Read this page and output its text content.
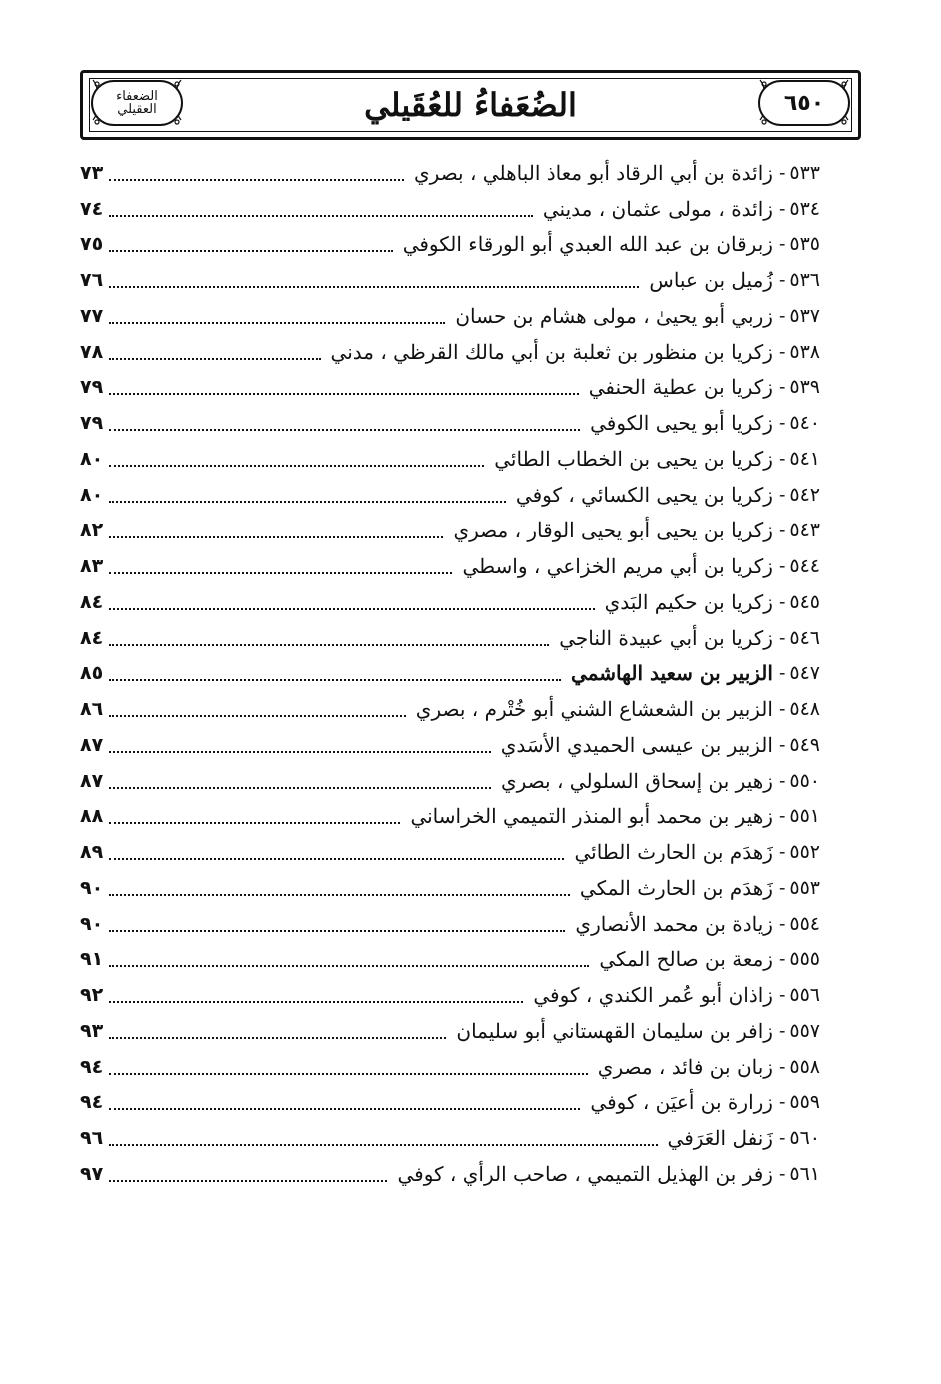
٦٥٠
الضُعَفاءُ للعُقَيلي
الضعفاء
العقيلي
٥٣٣
-
زائدة بن أبي الرقاد أبو معاذ الباهلي ، بصري
٧٣
٥٣٤
-
زائدة ، مولى عثمان ، مديني
٧٤
٥٣٥
-
زبرقان بن عبد الله العبدي أبو الورقاء الكوفي
٧٥
٥٣٦
-
زُميل بن عباس
٧٦
٥٣٧
-
زربي أبو يحيىٰ ، مولى هشام بن حسان
٧٧
٥٣٨
-
زكريا بن منظور بن ثعلبة بن أبي مالك القرظي ، مدني
٧٨
٥٣٩
-
زكريا بن عطية الحنفي
٧٩
٥٤٠
-
زكريا أبو يحيى الكوفي
٧٩
٥٤١
-
زكريا بن يحيى بن الخطاب الطائي
٨٠
٥٤٢
-
زكريا بن يحيى الكسائي ، كوفي
٨٠
٥٤٣
-
زكريا بن يحيى أبو يحيى الوقار ، مصري
٨٢
٥٤٤
-
زكريا بن أبي مريم الخزاعي ، واسطي
٨٣
٥٤٥
-
زكريا بن حكيم البَدي
٨٤
٥٤٦
-
زكريا بن أبي عبيدة الناجي
٨٤
٥٤٧
-
الزبير بن سعيد الهاشمي
٨٥
٥٤٨
-
الزبير بن الشعشاع الشني أبو خُتْرم ، بصري
٨٦
٥٤٩
-
الزبير بن عيسى الحميدي الأسَدي
٨٧
٥٥٠
-
زهير بن إسحاق السلولي ، بصري
٨٧
٥٥١
-
زهير بن محمد أبو المنذر التميمي الخراساني
٨٨
٥٥٢
-
زَهدَم بن الحارث الطائي
٨٩
٥٥٣
-
زَهدَم بن الحارث المكي
٩٠
٥٥٤
-
زيادة بن محمد الأنصاري
٩٠
٥٥٥
-
زمعة بن صالح المكي
٩١
٥٥٦
-
زاذان أبو عُمر الكندي ، كوفي
٩٢
٥٥٧
-
زافر بن سليمان القهستاني أبو سليمان
٩٣
٥٥٨
-
زبان بن فائد ، مصري
٩٤
٥٥٩
-
زرارة بن أعيَن ، كوفي
٩٤
٥٦٠
-
زَنفل العَرَفي
٩٦
٥٦١
-
زفر بن الهذيل التميمي ، صاحب الرأي ، كوفي
٩٧
